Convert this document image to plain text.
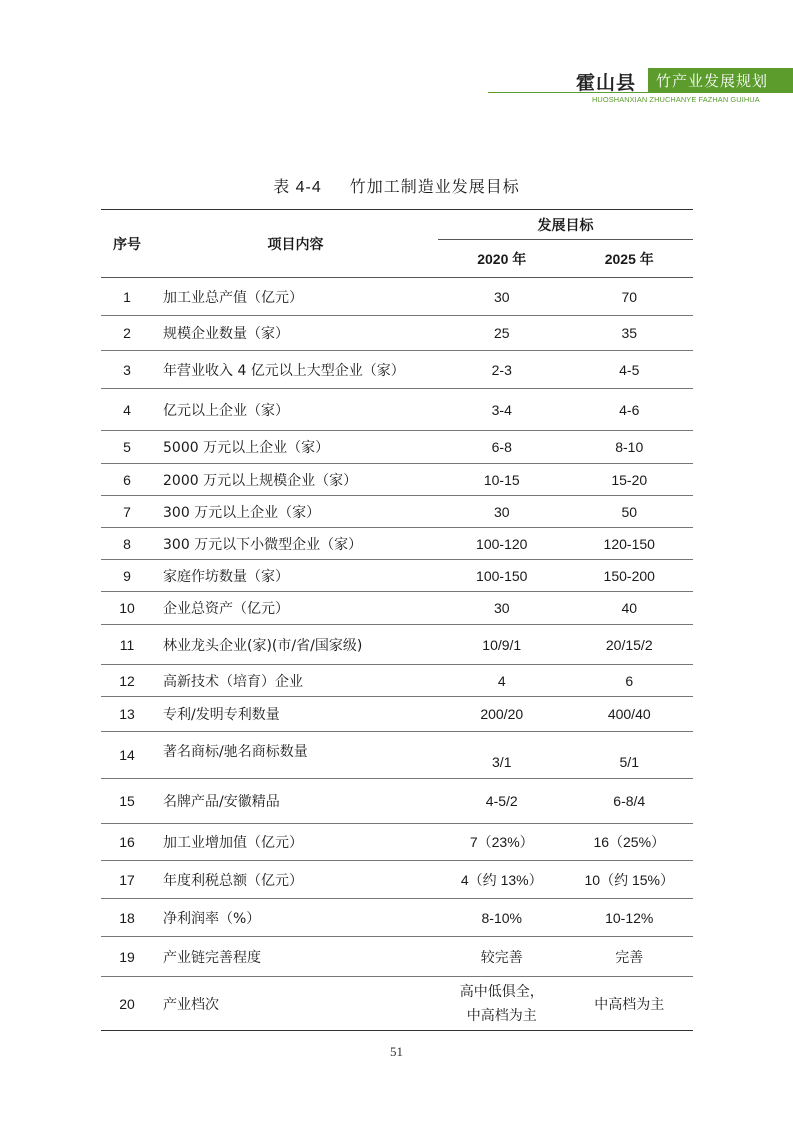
霍山县 竹产业发展规划
HUOSHANXIAN ZHUCHANYE FAZHAN GUIHUA
表 4-4 竹加工制造业发展目标
序号	项目内容	发展目标	
		2020 年	2025 年
1	加工业总产值（亿元）	30	70
2	规模企业数量（家）	25	35
3	年营业收入 4 亿元以上大型企业（家）	2-3	4-5
4	亿元以上企业（家）	3-4	4-6
5	5000 万元以上企业（家）	6-8	8-10
6	2000 万元以上规模企业（家）	10-15	15-20
7	300 万元以上企业（家）	30	50
8	300 万元以下小微型企业（家）	100-120	120-150
9	家庭作坊数量（家）	100-150	150-200
10	企业总资产（亿元）	30	40
11	林业龙头企业(家)(市/省/国家级)	10/9/1	20/15/2
12	高新技术（培育）企业	4	6
13	专利/发明专利数量	200/20	400/40
14	著名商标/驰名商标数量	3/1	5/1
15	名牌产品/安徽精品	4-5/2	6-8/4
16	加工业增加值（亿元）	7（23%）	16（25%）
17	年度利税总额（亿元）	4（约 13%）	10（约 15%）
18	净利润率（%）	8-10%	10-12%
19	产业链完善程度	较完善	完善
20	产业档次	高中低俱全，
中高档为主	中高档为主
51
